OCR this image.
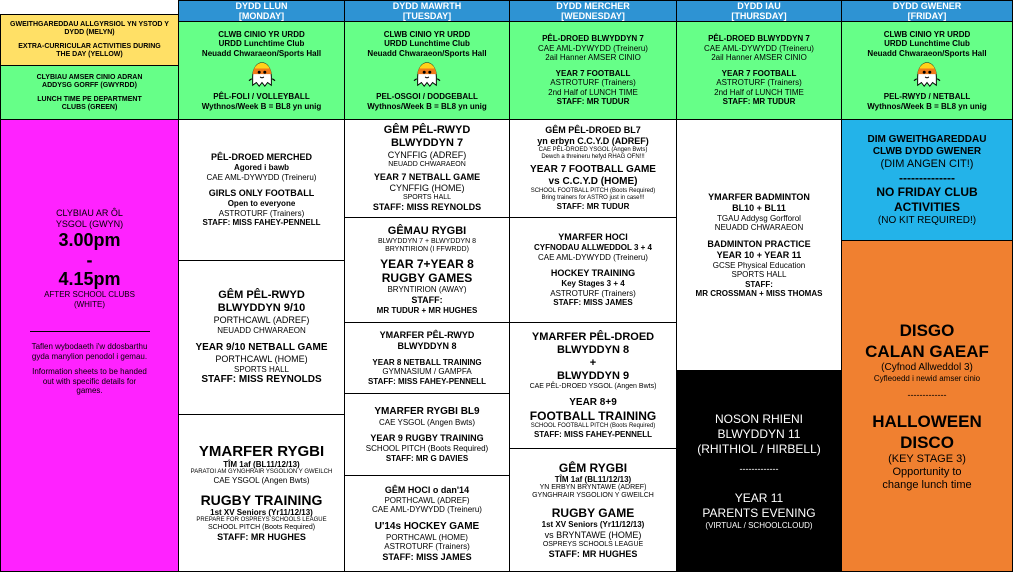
DYDD LLUN
[MONDAY]
DYDD MAWRTH
[TUESDAY]
DYDD MERCHER
[WEDNESDAY]
DYDD IAU
[THURSDAY]
DYDD GWENER
[FRIDAY]
GWEITHGAREDDAU ALLGYRSIOL YN YSTOD Y DYDD (MELYN)
EXTRA-CURRICULAR ACTIVITIES DURING THE DAY (YELLOW)
CLYBIAU AMSER CINIO ADRAN ADDYSG GORFF (GWYRDD)
LUNCH TIME PE DEPARTMENT CLUBS (GREEN)
CLWB CINIO YR URDD
URDD Lunchtime Club
Neuadd Chwaraeon/Sports Hall
PÊL-FOLI / VOLLEYBALL
Wythnos/Week B = BL8 yn unig
CLWB CINIO YR URDD
URDD Lunchtime Club
Neuadd Chwaraeon/Sports Hall
PEL-OSGOI / DODGEBALL
Wythnos/Week B = BL8 yn unig
PÊL-DROED BLWYDDYN 7
CAE AML-DYWYDD (Treineru)
2ail Hanner AMSER CINIO
YEAR 7 FOOTBALL
ASTROTURF (Trainers)
2nd Half of LUNCH TIME
STAFF: MR TUDUR
PÊL-DROED BLWYDDYN 7
CAE AML-DYWYDD (Treineru)
2ail Hanner AMSER CINIO
YEAR 7 FOOTBALL
ASTROTURF (Trainers)
2nd Half of LUNCH TIME
STAFF: MR TUDUR
CLWB CINIO YR URDD
URDD Lunchtime Club
Neuadd Chwaraeon/Sports Hall
PEL-RWYD / NETBALL
Wythnos/Week B = BL8 yn unig
CLYBIAU AR ÔL YSGOL (GWYN)
3.00pm
-
4.15pm
AFTER SCHOOL CLUBS (WHITE)
Taflen wybodaeth i'w ddosbarthu gyda manylion penodol i gemau.
Information sheets to be handed out with specific details for games.
PÊL-DROED MERCHED
Agored i bawb
CAE AML-DYWYDD (Treineru)
GIRLS ONLY FOOTBALL
Open to everyone
ASTROTURF (Trainers)
STAFF: MISS FAHEY-PENNELL
GÊM PÊL-RWYD
BLWYDDYN 9/10
PORTHCAWL (ADREF)
NEUADD CHWARAEON
YEAR 9/10 NETBALL GAME
PORTHCAWL (HOME)
SPORTS HALL
STAFF: MISS REYNOLDS
YMARFER RYGBI
TÎM 1af (BL11/12/13)
PARATOI AM GYNGHRAIR YSGOLION Y GWEILCH
CAE YSGOL (Angen Bwts)
RUGBY TRAINING
1st XV Seniors (Yr11/12/13)
PREPARE FOR OSPREYS SCHOOLS LEAGUE
SCHOOL PITCH (Boots Required)
STAFF: MR HUGHES
GÊM PÊL-RWYD
BLWYDDYN 7
CYNFFIG (ADREF)
NEUADD CHWARAEON
YEAR 7 NETBALL GAME
CYNFFIG (HOME)
SPORTS HALL
STAFF: MISS REYNOLDS
GÊMAU RYGBI
BLWYDDYN 7 + BLWYDDYN 8
BRYNTIRION (I FFWRDD)
YEAR 7+YEAR 8
RUGBY GAMES
BRYNTIRION (AWAY)
STAFF:
MR TUDUR + MR HUGHES
YMARFER PÊL-RWYD
BLWYDDYN 8
YEAR 8 NETBALL TRAINING
GYMNASIUM / GAMPFA
STAFF: MISS FAHEY-PENNELL
YMARFER RYGBI BL9
CAE YSGOL (Angen Bwts)
YEAR 9 RUGBY TRAINING
SCHOOL PITCH (Boots Required)
STAFF: MR G DAVIES
GÊM HOCI o dan'14
PORTHCAWL (ADREF)
CAE AML-DYWYDD (Treineru)
U'14s HOCKEY GAME
PORTHCAWL (HOME)
ASTROTURF (Trainers)
STAFF: MISS JAMES
GÊM PÊL-DROED BL7
yn erbyn C.C.Y.D (ADREF)
CAE PÊL-DROED YSGOL (Angen Bwts)
Dewch a threineru hefyd RHAG OFN!!!
YEAR 7 FOOTBALL GAME
vs C.C.Y.D (HOME)
SCHOOL FOOTBALL PITCH (Boots Required)
Bring trainers for ASTRO just in case!!!
STAFF: MR TUDUR
YMARFER HOCI
CYFNODAU ALLWEDDOL 3 + 4
CAE AML-DYWYDD (Treineru)
HOCKEY TRAINING
Key Stages 3 + 4
ASTROTURF (Trainers)
STAFF: MISS JAMES
YMARFER PÊL-DROED
BLWYDDYN 8
+
BLWYDDYN 9
CAE PÊL-DROED YSGOL (Angen Bwts)
YEAR 8+9
FOOTBALL TRAINING
SCHOOL FOOTBALL PITCH (Boots Required)
STAFF: MISS FAHEY-PENNELL
GÊM RYGBI
TÎM 1af (BL11/12/13)
YN ERBYN BRYNTAWE (ADREF)
GYNGHRAIR YSGOLION Y GWEILCH
RUGBY GAME
1st XV Seniors (Yr11/12/13)
vs BRYNTAWE (HOME)
OSPREYS SCHOOLS LEAGUE
STAFF: MR HUGHES
YMARFER BADMINTON
BL10 + BL11
TGAU Addysg Gorfforol
NEUADD CHWARAEON
BADMINTON PRACTICE
YEAR 10 + YEAR 11
GCSE Physical Education
SPORTS HALL
STAFF:
MR CROSSMAN + MISS THOMAS
NOSON RHIENI
BLWYDDYN 11
(RHITHIOL / HIRBELL)
-------------
YEAR 11
PARENTS EVENING
(VIRTUAL / SCHOOLCLOUD)
DIM GWEITHGAREDDAU
CLWB DYDD GWENER
(DIM ANGEN CIT!)
--------------
NO FRIDAY CLUB
ACTIVITIES
(NO KIT REQUIRED!)
DISGO
CALAN GAEAF
(Cyfnod Allweddol 3)
Cyfleoedd i newid amser cinio
-------------
HALLOWEEN
DISCO
(KEY STAGE 3)
Opportunity to
change lunch time
